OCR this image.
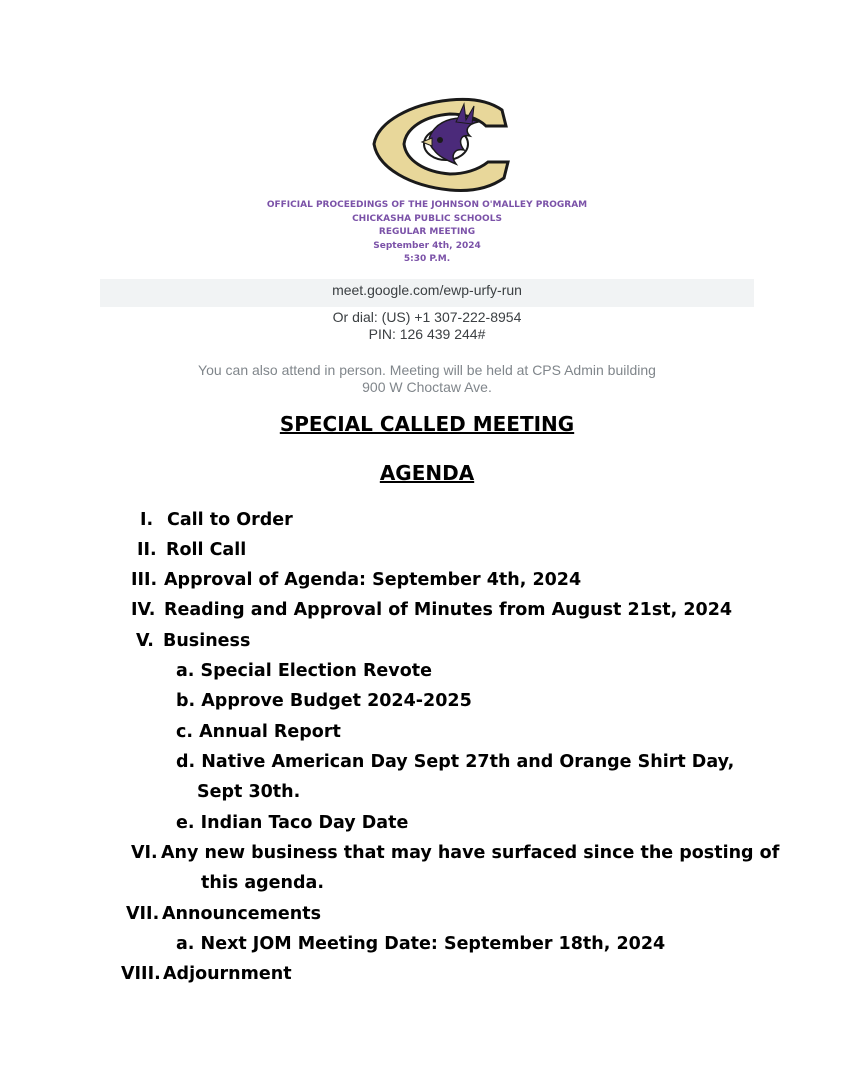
OFFICIAL PROCEEDINGS OF THE JOHNSON O'MALLEY PROGRAM
CHICKASHA PUBLIC SCHOOLS
REGULAR MEETING
September 4th, 2024
5:30 P.M.
meet.google.com/ewp-urfy-run
Or dial: (US) +1 307-222-8954
PIN: 126 439 244#
You can also attend in person. Meeting will be held at CPS Admin building
900 W Choctaw Ave.
SPECIAL CALLED MEETING
AGENDA
I. Call to Order
II. Roll Call
III. Approval of Agenda: September 4th, 2024
IV. Reading and Approval of Minutes from August 21st, 2024
V. Business
a. Special Election Revote
b. Approve Budget 2024-2025
c. Annual Report
d. Native American Day Sept 27th and Orange Shirt Day,
Sept 30th.
e. Indian Taco Day Date
VI. Any new business that may have surfaced since the posting of
this agenda.
VII. Announcements
a. Next JOM Meeting Date: September 18th, 2024
VIII. Adjournment
